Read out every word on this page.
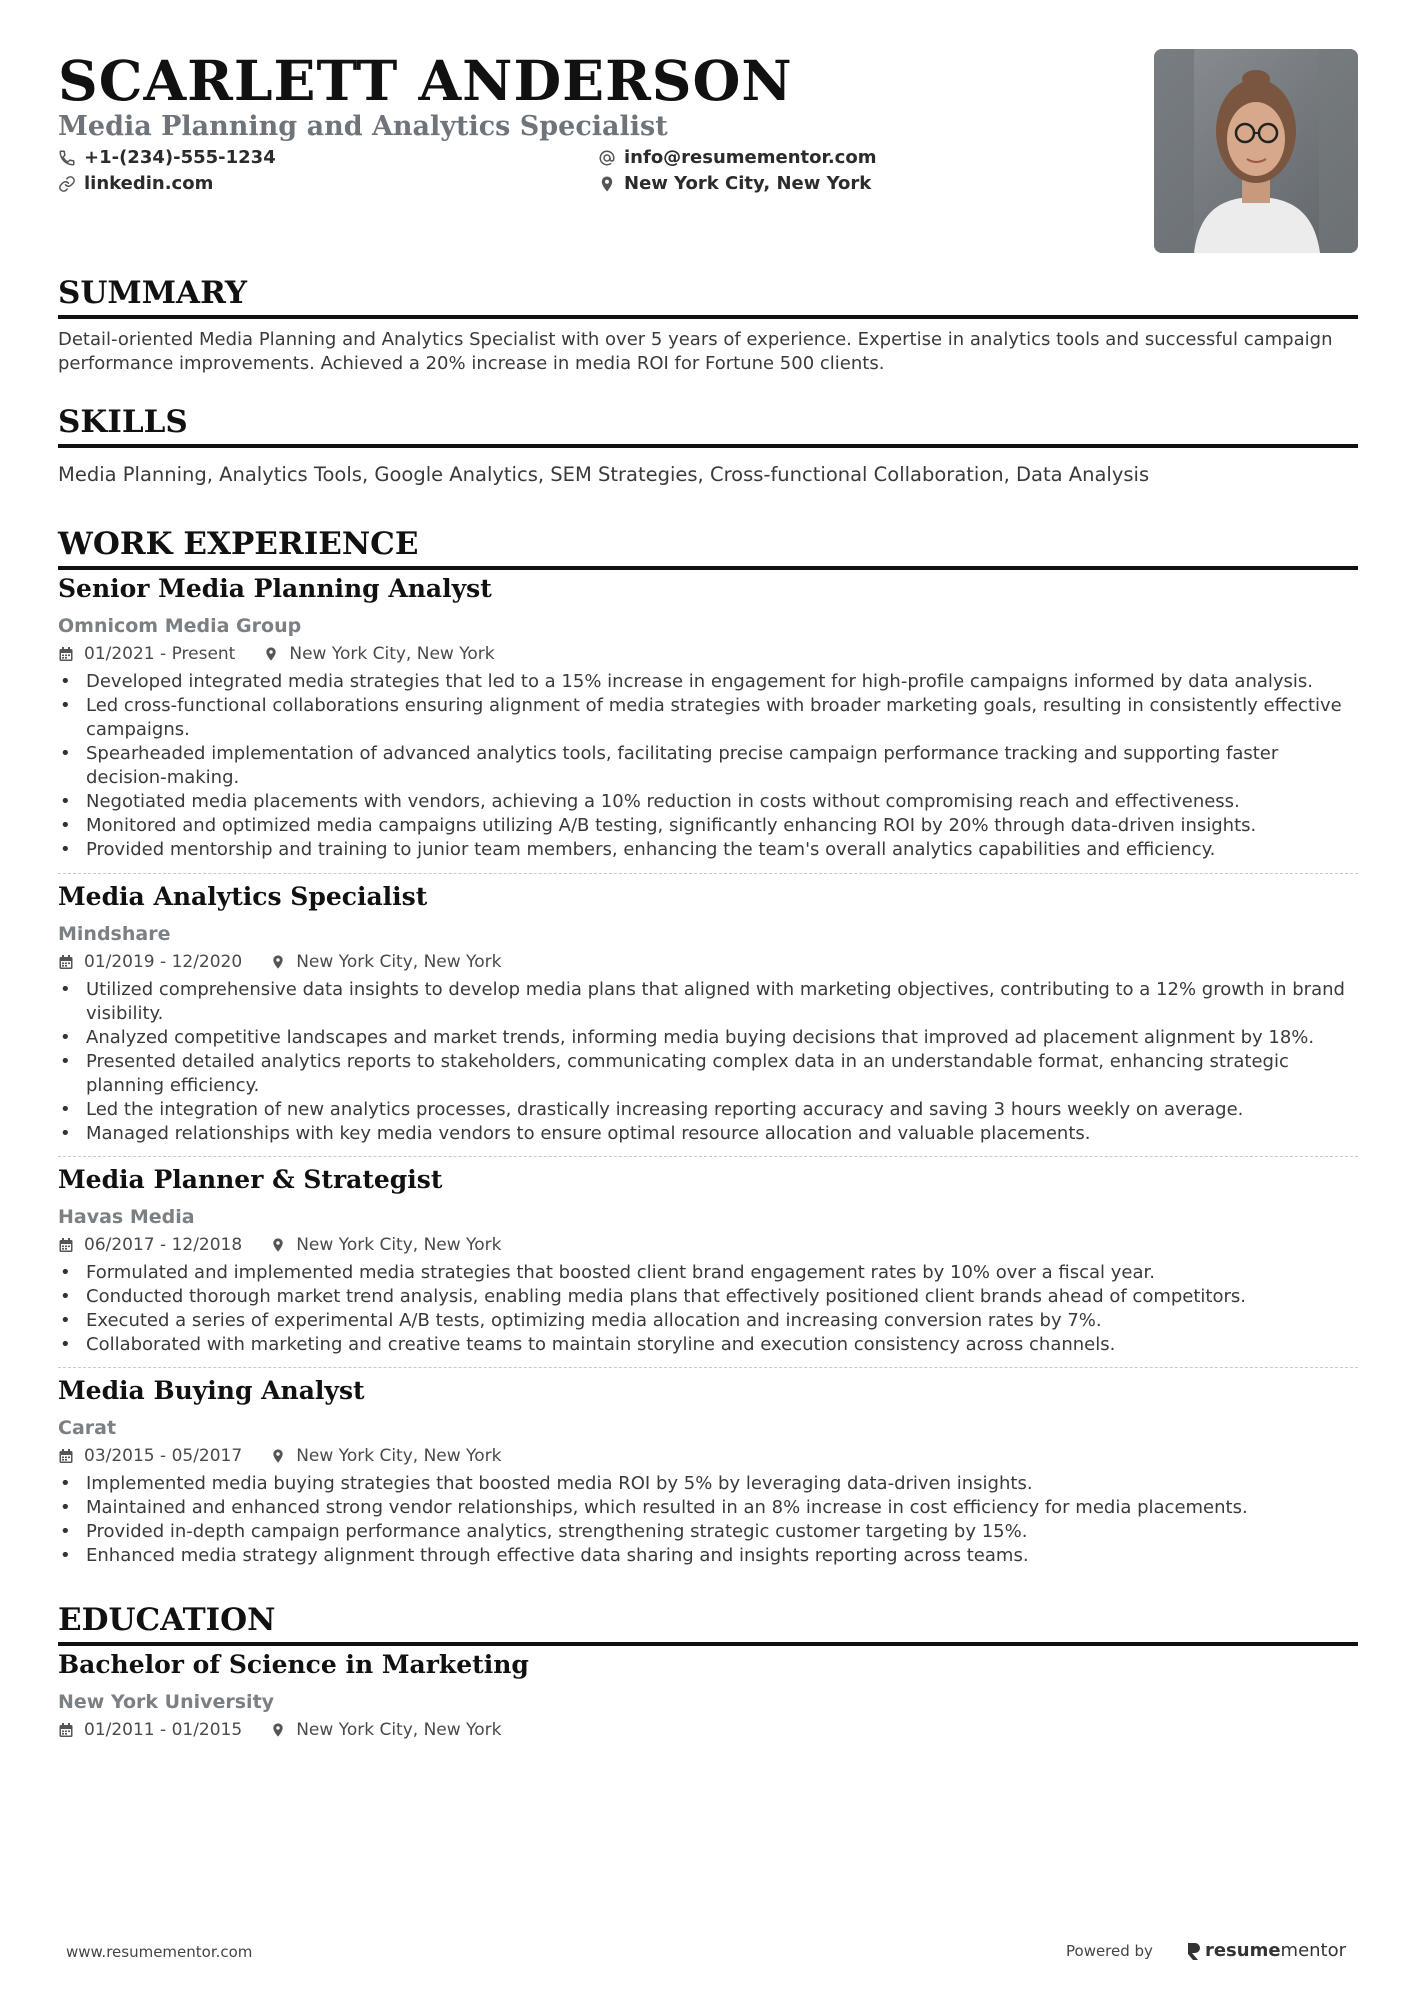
SCARLETT ANDERSON
Media Planning and Analytics Specialist
+1-(234)-555-1234	info@resumementor.com
linkedin.com	New York City, New York
SUMMARY

Detail-oriented Media Planning and Analytics Specialist with over 5 years of experience. Expertise in analytics tools and successful campaign performance improvements. Achieved a 20% increase in media ROI for Fortune 500 clients.

SKILLS

Media Planning, Analytics Tools, Google Analytics, SEM Strategies, Cross-functional Collaboration, Data Analysis

WORK EXPERIENCE
Senior Media Planning Analyst
Omnicom Media Group
01/2021 - Present	New York City, New York
• Developed integrated media strategies that led to a 15% increase in engagement for high-profile campaigns informed by data analysis.
• Led cross-functional collaborations ensuring alignment of media strategies with broader marketing goals, resulting in consistently effective campaigns.
• Spearheaded implementation of advanced analytics tools, facilitating precise campaign performance tracking and supporting faster decision-making.
• Negotiated media placements with vendors, achieving a 10% reduction in costs without compromising reach and effectiveness.
• Monitored and optimized media campaigns utilizing A/B testing, significantly enhancing ROI by 20% through data-driven insights.
• Provided mentorship and training to junior team members, enhancing the team's overall analytics capabilities and efficiency.
Media Analytics Specialist
Mindshare
01/2019 - 12/2020	New York City, New York
• Utilized comprehensive data insights to develop media plans that aligned with marketing objectives, contributing to a 12% growth in brand visibility.
• Analyzed competitive landscapes and market trends, informing media buying decisions that improved ad placement alignment by 18%.
• Presented detailed analytics reports to stakeholders, communicating complex data in an understandable format, enhancing strategic planning efficiency.
• Led the integration of new analytics processes, drastically increasing reporting accuracy and saving 3 hours weekly on average.
• Managed relationships with key media vendors to ensure optimal resource allocation and valuable placements.
Media Planner & Strategist
Havas Media
06/2017 - 12/2018	New York City, New York
• Formulated and implemented media strategies that boosted client brand engagement rates by 10% over a fiscal year.
• Conducted thorough market trend analysis, enabling media plans that effectively positioned client brands ahead of competitors.
• Executed a series of experimental A/B tests, optimizing media allocation and increasing conversion rates by 7%.
• Collaborated with marketing and creative teams to maintain storyline and execution consistency across channels.
Media Buying Analyst
Carat
03/2015 - 05/2017	New York City, New York
• Implemented media buying strategies that boosted media ROI by 5% by leveraging data-driven insights.
• Maintained and enhanced strong vendor relationships, which resulted in an 8% increase in cost efficiency for media placements.
• Provided in-depth campaign performance analytics, strengthening strategic customer targeting by 15%.
• Enhanced media strategy alignment through effective data sharing and insights reporting across teams.
EDUCATION
Bachelor of Science in Marketing
New York University
01/2011 - 01/2015	New York City, New York
www.resumementor.com	Powered by	resume mentor
